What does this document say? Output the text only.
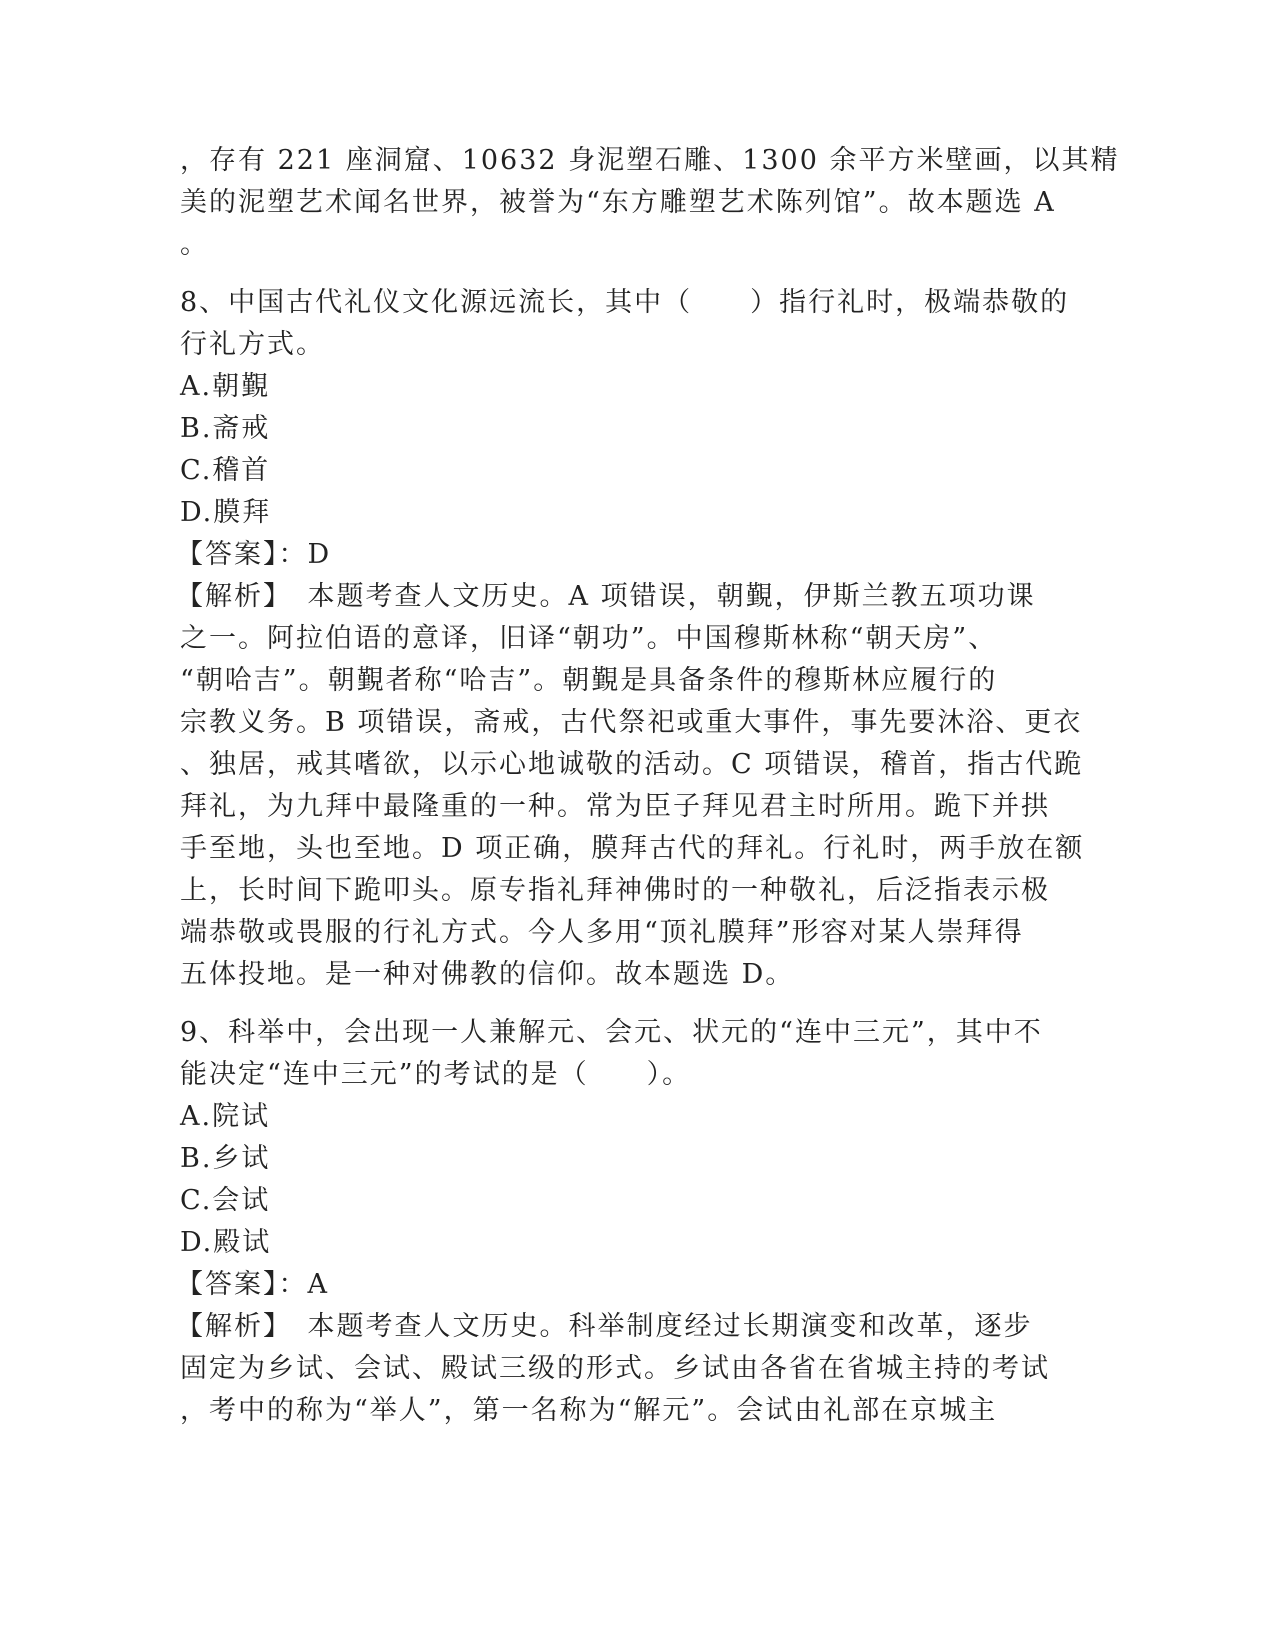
，存有 221 座洞窟、10632 身泥塑石雕、1300 余平方米壁画，以其精
美的泥塑艺术闻名世界，被誉为“东方雕塑艺术陈列馆”。故本题选 A
。
8、中国古代礼仪文化源远流长，其中（　　）指行礼时，极端恭敬的
行礼方式。
A.朝覲
B.斋戒
C.稽首
D.膜拜
【答案】：D
【解析】　本题考查人文历史。A 项错误，朝覲，伊斯兰教五项功课
之一。阿拉伯语的意译，旧译“朝功”。中国穆斯林称“朝天房”、
“朝哈吉”。朝覲者称“哈吉”。朝覲是具备条件的穆斯林应履行的
宗教义务。B 项错误，斋戒，古代祭祀或重大事件，事先要沐浴、更衣
、独居，戒其嗜欲，以示心地诚敬的活动。C 项错误，稽首，指古代跪
拜礼，为九拜中最隆重的一种。常为臣子拜见君主时所用。跪下并拱
手至地，头也至地。D 项正确，膜拜古代的拜礼。行礼时，两手放在额
上，长时间下跪叩头。原专指礼拜神佛时的一种敬礼，后泛指表示极
端恭敬或畏服的行礼方式。今人多用“顶礼膜拜”形容对某人崇拜得
五体投地。是一种对佛教的信仰。故本题选 D。
9、科举中，会出现一人兼解元、会元、状元的“连中三元”，其中不
能决定“连中三元”的考试的是（　　）。
A.院试
B.乡试
C.会试
D.殿试
【答案】：A
【解析】　本题考查人文历史。科举制度经过长期演变和改革，逐步
固定为乡试、会试、殿试三级的形式。乡试由各省在省城主持的考试
，考中的称为“举人”，第一名称为“解元”。会试由礼部在京城主
